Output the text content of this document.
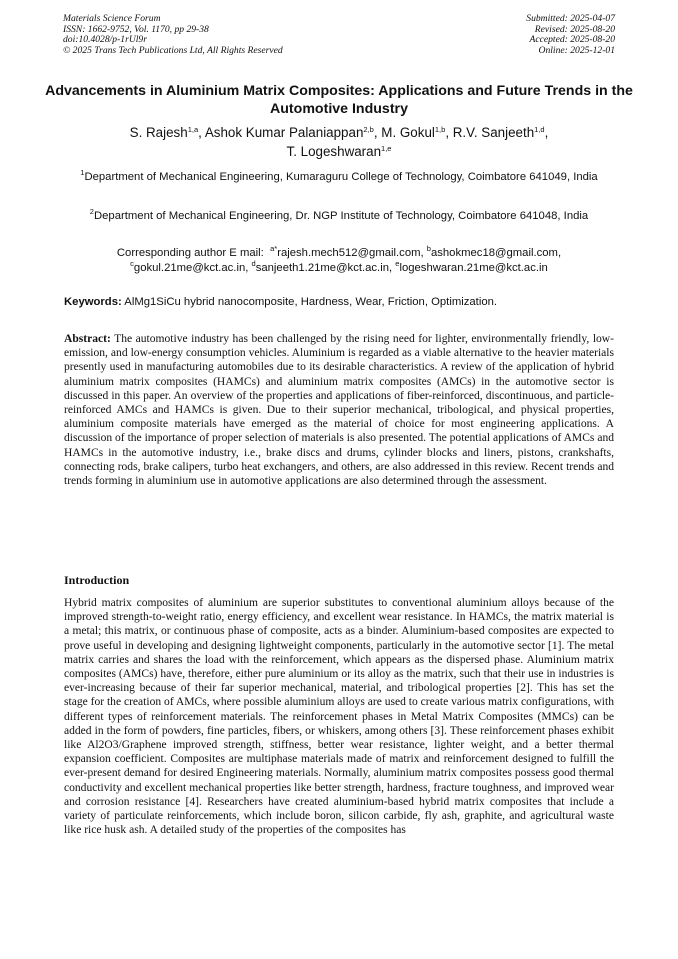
Materials Science Forum
ISSN: 1662-9752, Vol. 1170, pp 29-38
doi:10.4028/p-1rUl9r
© 2025 Trans Tech Publications Ltd, All Rights Reserved
Submitted: 2025-04-07
Revised: 2025-08-20
Accepted: 2025-08-20
Online: 2025-12-01
Advancements in Aluminium Matrix Composites: Applications and Future Trends in the Automotive Industry
S. Rajesh$^{1,a}$, Ashok Kumar Palaniappan$^{2,b}$, M. Gokul$^{1,b}$, R.V. Sanjeeth$^{1,d}$,
T. Logeshwaran$^{1,e}$
$^1$Department of Mechanical Engineering, Kumaraguru College of Technology, Coimbatore 641049, India
$^2$Department of Mechanical Engineering, Dr. NGP Institute of Technology, Coimbatore 641048, India
Corresponding author E mail: $^{a*}$rajesh.mech512@gmail.com, $^b$ashokmec18@gmail.com,
$^c$gokul.21me@kct.ac.in, $^d$sanjeeth1.21me@kct.ac.in, $^e$logeshwaran.21me@kct.ac.in
Keywords: AlMg1SiCu hybrid nanocomposite, Hardness, Wear, Friction, Optimization.
Abstract: The automotive industry has been challenged by the rising need for lighter, environmentally friendly, low-emission, and low-energy consumption vehicles. Aluminium is regarded as a viable alternative to the heavier materials presently used in manufacturing automobiles due to its desirable characteristics. A review of the application of hybrid aluminium matrix composites (HAMCs) and aluminium matrix composites (AMCs) in the automotive sector is discussed in this paper. An overview of the properties and applications of fiber-reinforced, discontinuous, and particle-reinforced AMCs and HAMCs is given. Due to their superior mechanical, tribological, and physical properties, aluminium composite materials have emerged as the material of choice for most engineering applications. A discussion of the importance of proper selection of materials is also presented. The potential applications of AMCs and HAMCs in the automotive industry, i.e., brake discs and drums, cylinder blocks and liners, pistons, crankshafts, connecting rods, brake calipers, turbo heat exchangers, and others, are also addressed in this review. Recent trends and trends forming in aluminium use in automotive applications are also determined through the assessment.
Introduction
Hybrid matrix composites of aluminium are superior substitutes to conventional aluminium alloys because of the improved strength-to-weight ratio, energy efficiency, and excellent wear resistance. In HAMCs, the matrix material is a metal; this matrix, or continuous phase of composite, acts as a binder. Aluminium-based composites are expected to prove useful in developing and designing lightweight components, particularly in the automotive sector [1]. The metal matrix carries and shares the load with the reinforcement, which appears as the dispersed phase. Aluminium matrix composites (AMCs) have, therefore, either pure aluminium or its alloy as the matrix, such that their use in industries is ever-increasing because of their far superior mechanical, material, and tribological properties [2]. This has set the stage for the creation of AMCs, where possible aluminium alloys are used to create various matrix configurations, with different types of reinforcement materials. The reinforcement phases in Metal Matrix Composites (MMCs) can be added in the form of powders, fine particles, fibers, or whiskers, among others [3]. These reinforcement phases exhibit like Al2O3/Graphene improved strength, stiffness, better wear resistance, lighter weight, and a better thermal expansion coefficient. Composites are multiphase materials made of matrix and reinforcement designed to fulfill the ever-present demand for desired Engineering materials. Normally, aluminium matrix composites possess good thermal conductivity and excellent mechanical properties like better strength, hardness, fracture toughness, and improved wear and corrosion resistance [4]. Researchers have created aluminium-based hybrid matrix composites that include a variety of particulate reinforcements, which include boron, silicon carbide, fly ash, graphite, and agricultural waste like rice husk ash. A detailed study of the properties of the composites has
